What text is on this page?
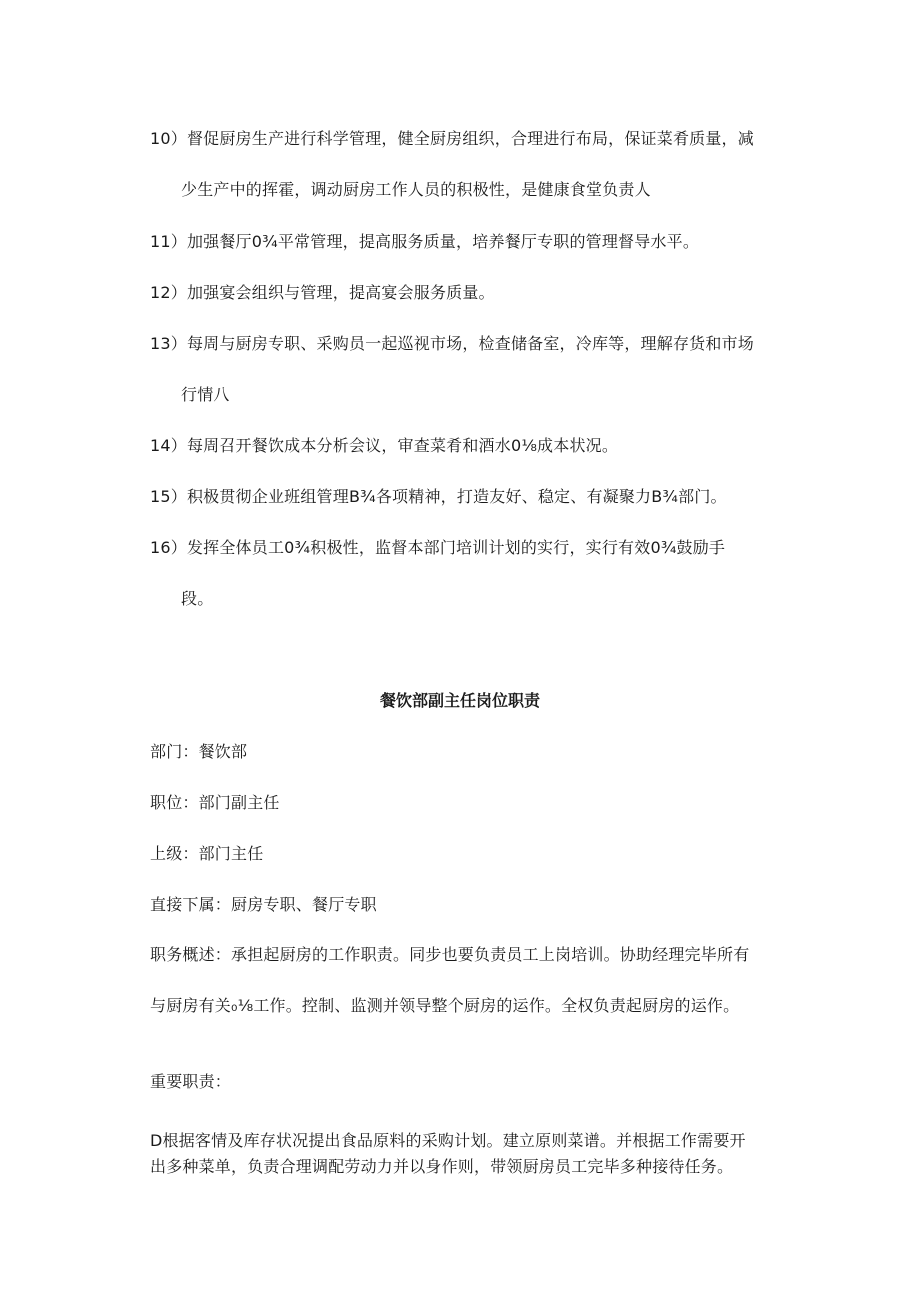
10）督促厨房生产进行科学管理，健全厨房组织，合理进行布局，保证菜肴质量，减
少生产中的挥霍，调动厨房工作人员的积极性，是健康食堂负责人
11）加强餐厅0¾平常管理，提高服务质量，培养餐厅专职的管理督导水平。
12）加强宴会组织与管理，提高宴会服务质量。
13）每周与厨房专职、采购员一起巡视市场，检查储备室，冷库等，理解存货和市场
行情八
14）每周召开餐饮成本分析会议，审查菜肴和酒水0⅛成本状况。
15）积极贯彻企业班组管理B¾各项精神，打造友好、稳定、有凝聚力B¾部门。
16）发挥全体员工0¾积极性，监督本部门培训计划的实行，实行有效0¾鼓励手
段。
餐饮部副主任岗位职责
部门：餐饮部
职位：部门副主任
上级：部门主任
直接下属：厨房专职、餐厅专职
职务概述：承担起厨房的工作职责。同步也要负责员工上岗培训。协助经理完毕所有
与厨房有关₀⅛工作。控制、监测并领导整个厨房的运作。全权负责起厨房的运作。
重要职责：
D根据客情及库存状况提出食品原料的采购计划。建立原则菜谱。并根据工作需要开
出多种菜单，负责合理调配劳动力并以身作则，带领厨房员工完毕多种接待任务。
